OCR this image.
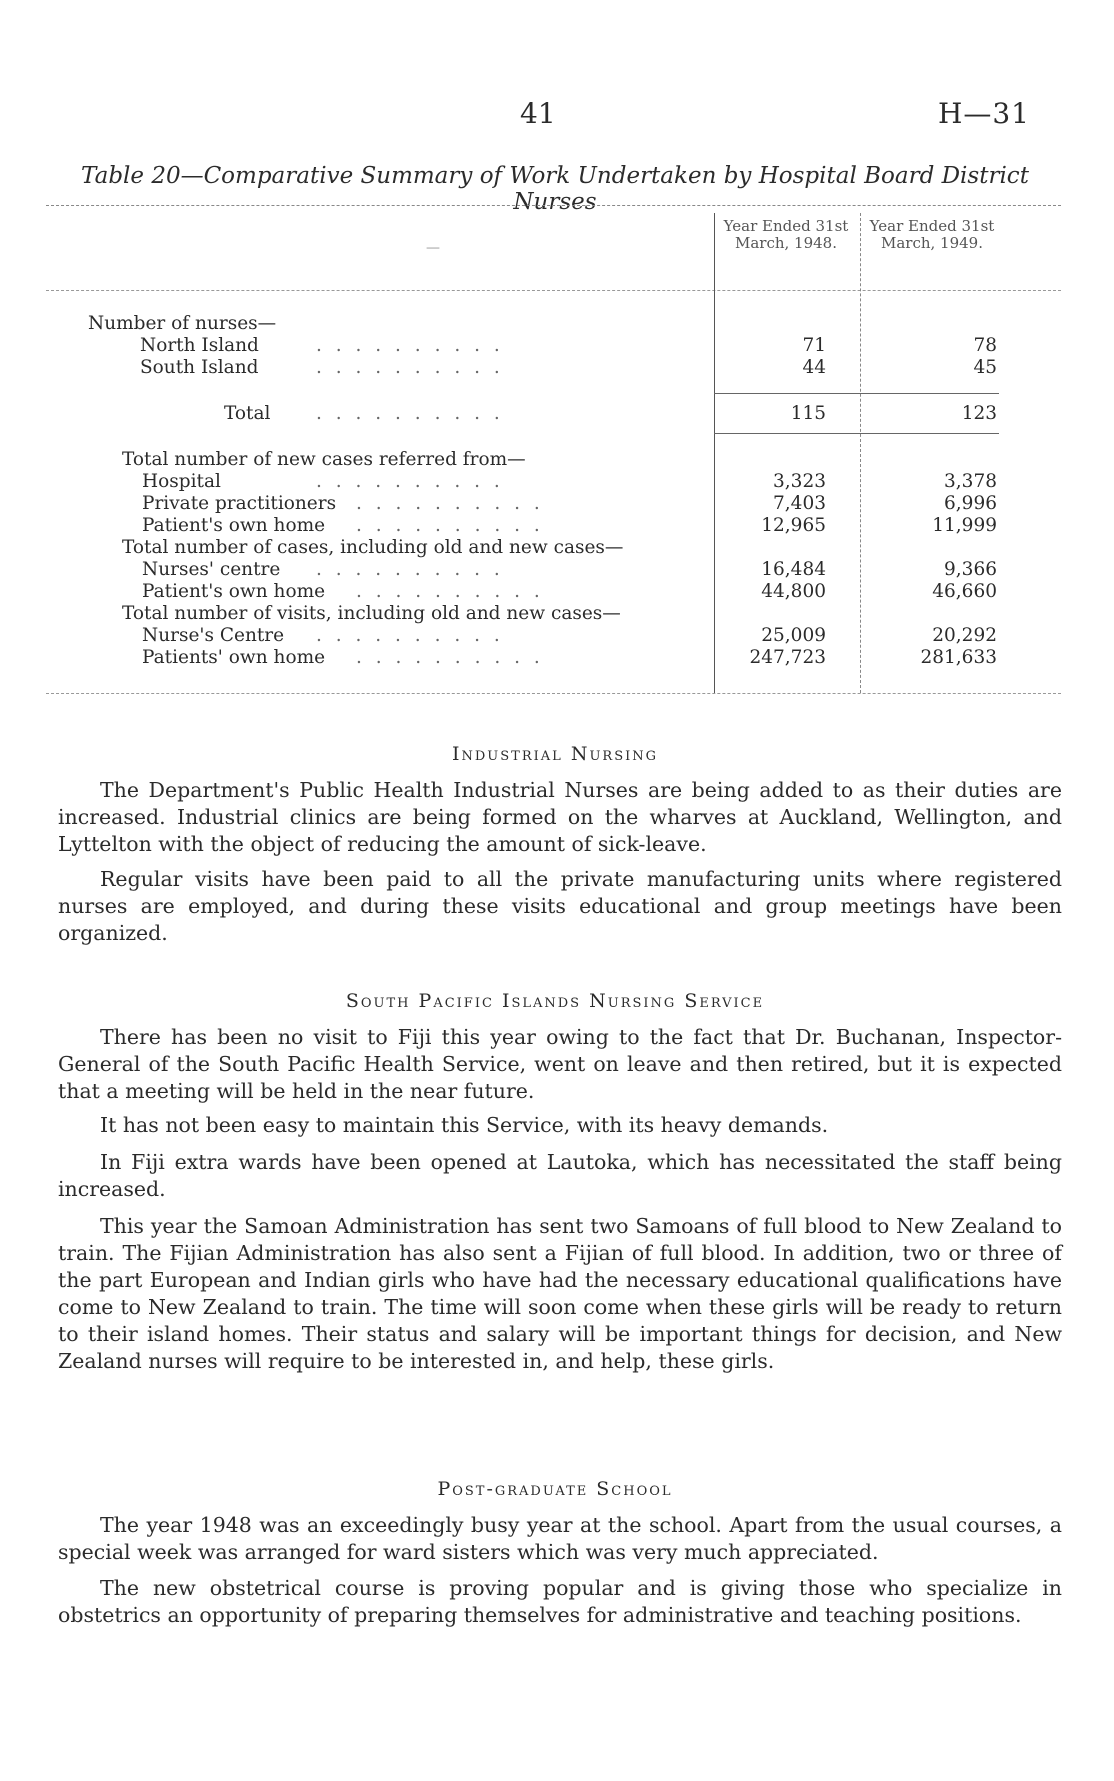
41	H—31
Table 20—Comparative Summary of Work Undertaken by Hospital Board District Nurses
—
Year Ended 31st March, 1948.
Year Ended 31st March, 1949.
Number of nurses—
North Island	. . . . . . . . . .	71	78
South Island	. . . . . . . . . .	44	45
Total . . . . . . . . . .	115	123
Total number of new cases referred from—
Hospital	. . . . . . . . . .	3,323	3,378
Private practitioners . . . . . . . . . .	7,403	6,996
Patient's own home . . . . . . . . . .	12,965	11,999
Total number of cases, including old and new cases—
Nurses' centre . . . . . . . . . .	16,484	9,366
Patient's own home . . . . . . . . . .	44,800	46,660
Total number of visits, including old and new cases—
Nurse's Centre . . . . . . . . . .	25,009	20,292
Patients' own home . . . . . . . . . .	247,723	281,633
Industrial Nursing

The Department's Public Health Industrial Nurses are being added to as their duties are increased. Industrial clinics are being formed on the wharves at Auckland, Wellington, and Lyttelton with the object of reducing the amount of sick-leave.

Regular visits have been paid to all the private manufacturing units where registered nurses are employed, and during these visits educational and group meetings have been organized.

South Pacific Islands Nursing Service

There has been no visit to Fiji this year owing to the fact that Dr. Buchanan, Inspector-General of the South Pacific Health Service, went on leave and then retired, but it is expected that a meeting will be held in the near future.

It has not been easy to maintain this Service, with its heavy demands.

In Fiji extra wards have been opened at Lautoka, which has necessitated the staff being increased.

This year the Samoan Administration has sent two Samoans of full blood to New Zealand to train. The Fijian Administration has also sent a Fijian of full blood. In addition, two or three of the part European and Indian girls who have had the necessary educational qualifications have come to New Zealand to train. The time will soon come when these girls will be ready to return to their island homes. Their status and salary will be important things for decision, and New Zealand nurses will require to be interested in, and help, these girls.

Post-graduate School

The year 1948 was an exceedingly busy year at the school. Apart from the usual courses, a special week was arranged for ward sisters which was very much appreciated.

The new obstetrical course is proving popular and is giving those who specialize in obstetrics an opportunity of preparing themselves for administrative and teaching positions.
